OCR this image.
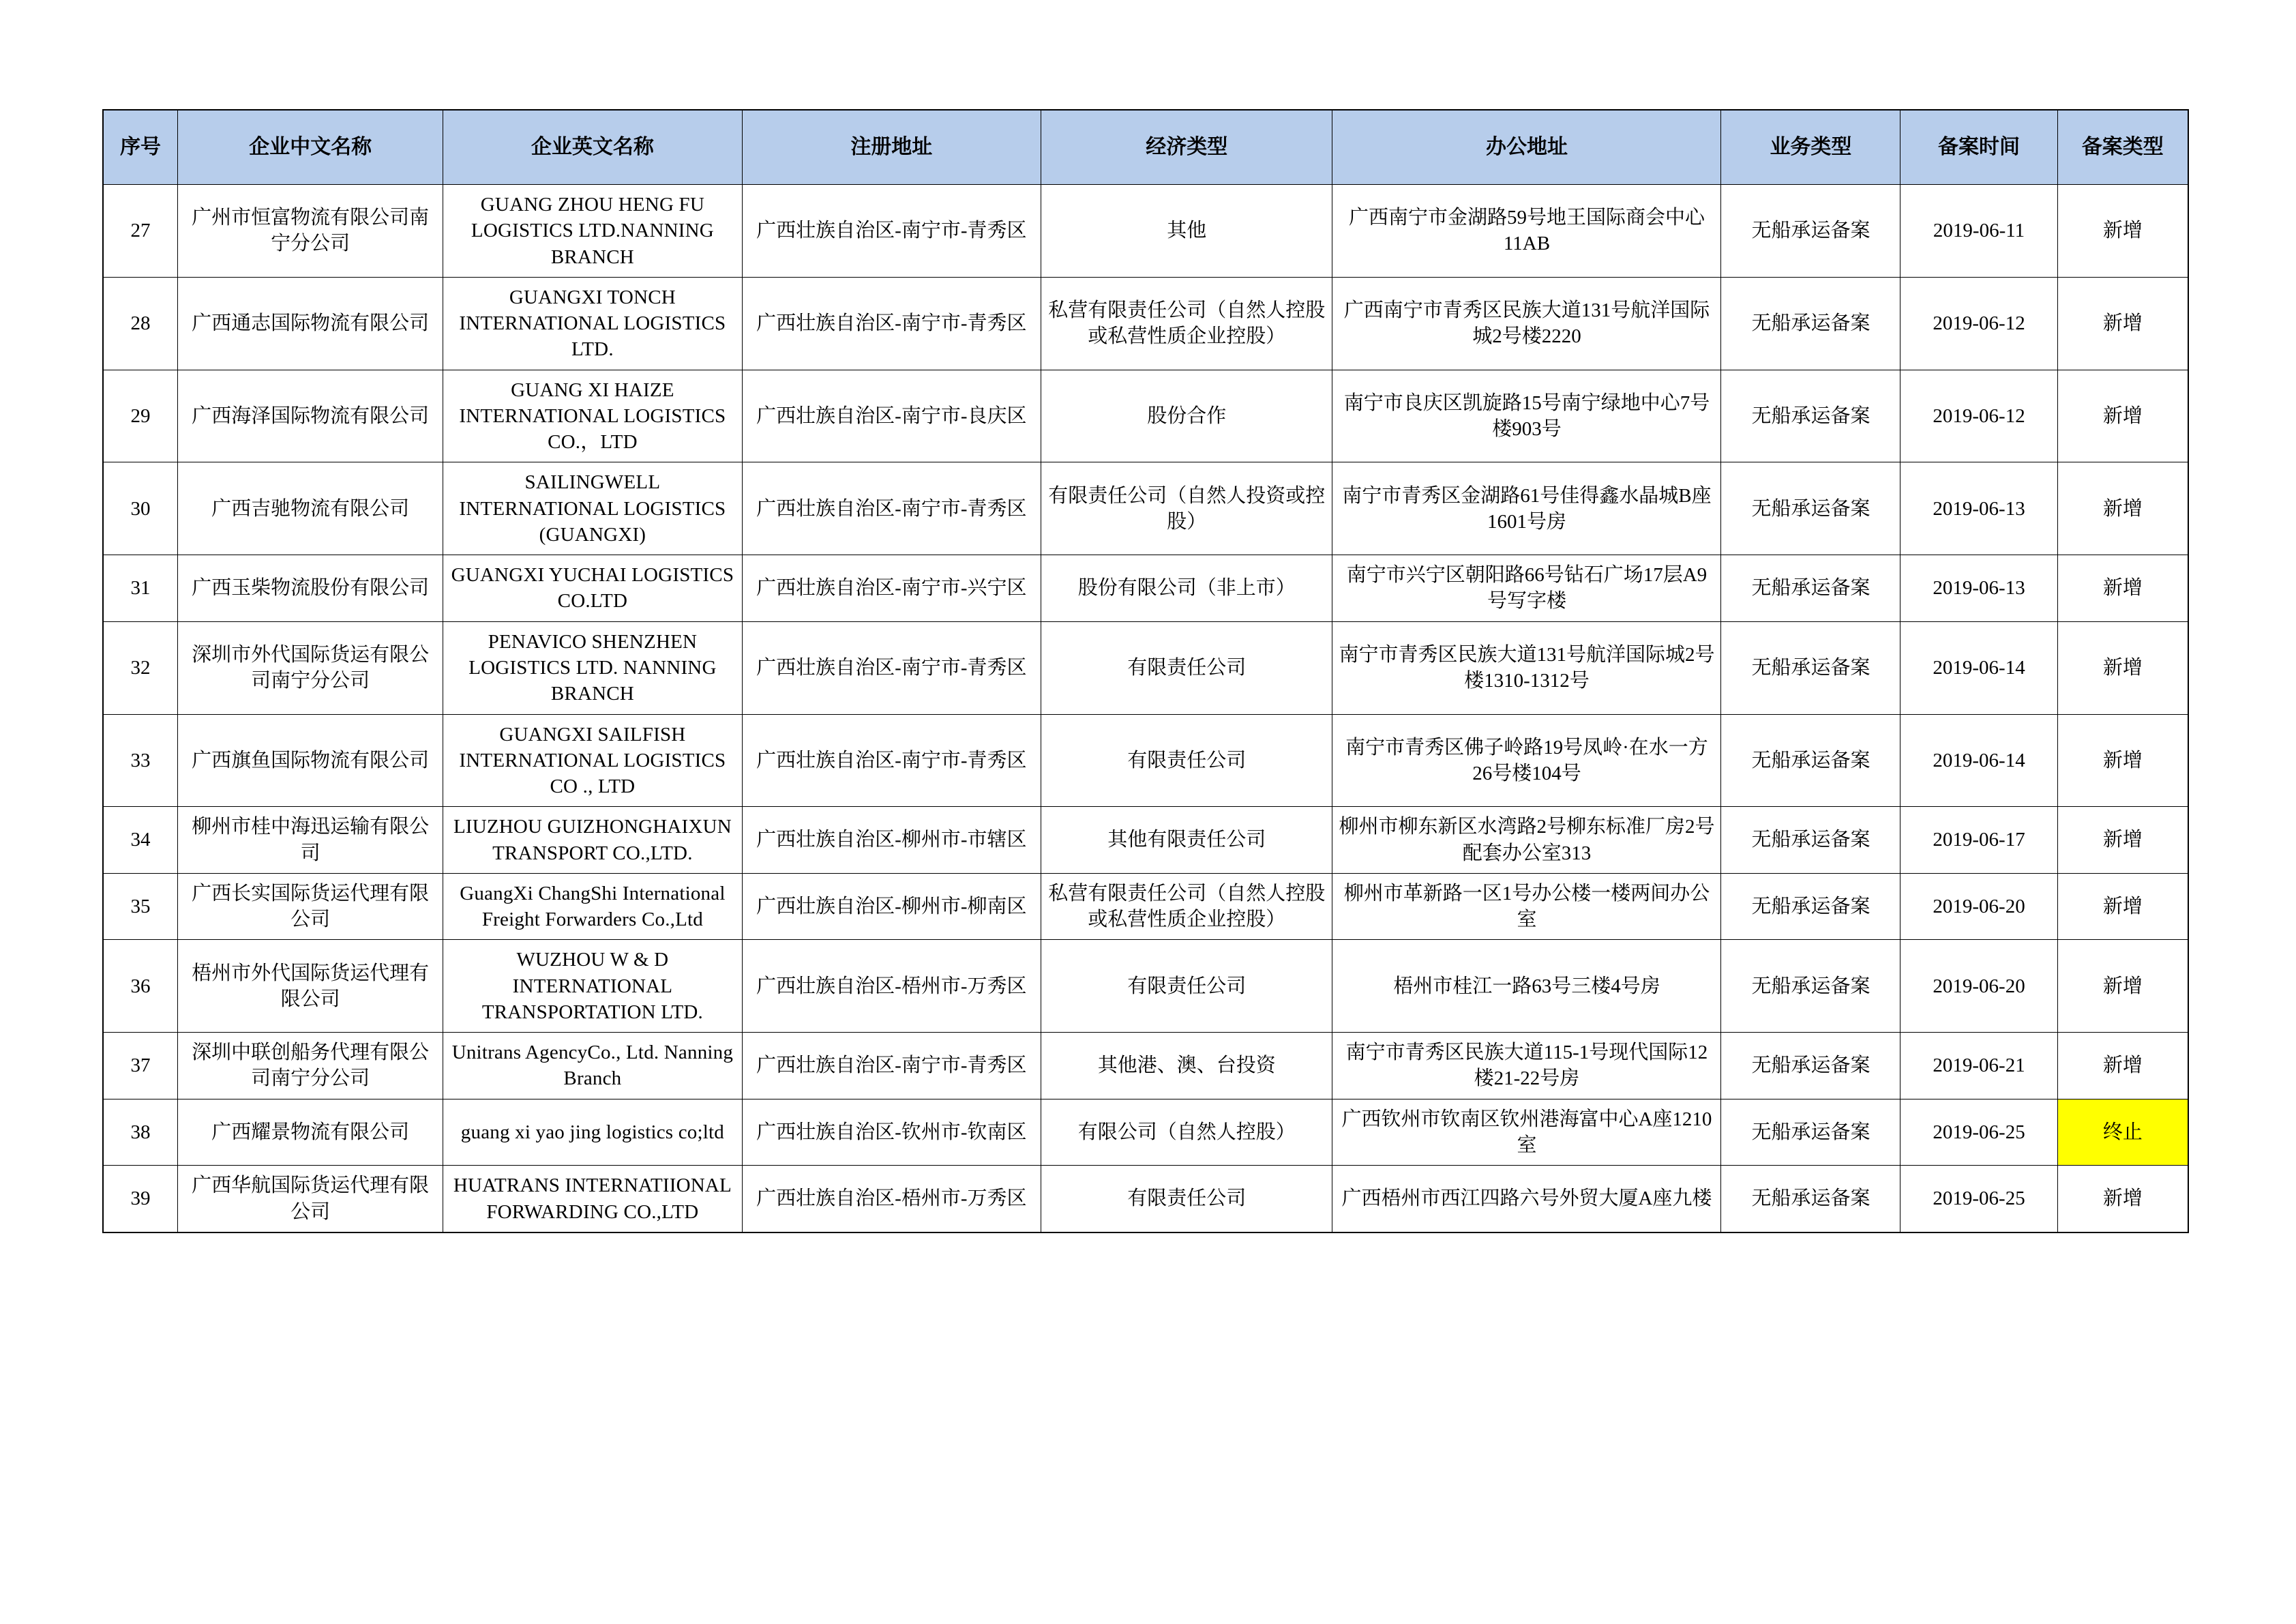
序号	企业中文名称	企业英文名称	注册地址	经济类型	办公地址	业务类型	备案时间	备案类型
27	广州市恒富物流有限公司南宁分公司	GUANG ZHOU HENG FU LOGISTICS LTD.NANNING BRANCH	广西壮族自治区-南宁市-青秀区	其他	广西南宁市金湖路59号地王国际商会中心11AB	无船承运备案	2019-06-11	新增
28	广西通志国际物流有限公司	GUANGXI TONCH INTERNATIONAL LOGISTICS LTD.	广西壮族自治区-南宁市-青秀区	私营有限责任公司（自然人控股或私营性质企业控股）	广西南宁市青秀区民族大道131号航洋国际城2号楼2220	无船承运备案	2019-06-12	新增
29	广西海泽国际物流有限公司	GUANG XI HAIZE INTERNATIONAL LOGISTICS CO.，LTD	广西壮族自治区-南宁市-良庆区	股份合作	南宁市良庆区凯旋路15号南宁绿地中心7号楼903号	无船承运备案	2019-06-12	新增
30	广西吉驰物流有限公司	SAILINGWELL INTERNATIONAL LOGISTICS (GUANGXI)	广西壮族自治区-南宁市-青秀区	有限责任公司（自然人投资或控股）	南宁市青秀区金湖路61号佳得鑫水晶城B座1601号房	无船承运备案	2019-06-13	新增
31	广西玉柴物流股份有限公司	GUANGXI YUCHAI LOGISTICS CO.LTD	广西壮族自治区-南宁市-兴宁区	股份有限公司（非上市）	南宁市兴宁区朝阳路66号钻石广场17层A9号写字楼	无船承运备案	2019-06-13	新增
32	深圳市外代国际货运有限公司南宁分公司	PENAVICO SHENZHEN LOGISTICS LTD. NANNING BRANCH	广西壮族自治区-南宁市-青秀区	有限责任公司	南宁市青秀区民族大道131号航洋国际城2号楼1310-1312号	无船承运备案	2019-06-14	新增
33	广西旗鱼国际物流有限公司	GUANGXI SAILFISH INTERNATIONAL LOGISTICS CO ., LTD	广西壮族自治区-南宁市-青秀区	有限责任公司	南宁市青秀区佛子岭路19号凤岭·在水一方26号楼104号	无船承运备案	2019-06-14	新增
34	柳州市桂中海迅运输有限公司	LIUZHOU GUIZHONGHAIXUN TRANSPORT CO.,LTD.	广西壮族自治区-柳州市-市辖区	其他有限责任公司	柳州市柳东新区水湾路2号柳东标准厂房2号配套办公室313	无船承运备案	2019-06-17	新增
35	广西长实国际货运代理有限公司	GuangXi ChangShi International Freight Forwarders Co.,Ltd	广西壮族自治区-柳州市-柳南区	私营有限责任公司（自然人控股或私营性质企业控股）	柳州市革新路一区1号办公楼一楼两间办公室	无船承运备案	2019-06-20	新增
36	梧州市外代国际货运代理有限公司	WUZHOU W & D INTERNATIONAL TRANSPORTATION LTD.	广西壮族自治区-梧州市-万秀区	有限责任公司	梧州市桂江一路63号三楼4号房	无船承运备案	2019-06-20	新增
37	深圳中联创船务代理有限公司南宁分公司	Unitrans AgencyCo., Ltd. Nanning Branch	广西壮族自治区-南宁市-青秀区	其他港、澳、台投资	南宁市青秀区民族大道115-1号现代国际12楼21-22号房	无船承运备案	2019-06-21	新增
38	广西耀景物流有限公司	guang xi yao jing logistics co;ltd	广西壮族自治区-钦州市-钦南区	有限公司（自然人控股）	广西钦州市钦南区钦州港海富中心A座1210室	无船承运备案	2019-06-25	终止
39	广西华航国际货运代理有限公司	HUATRANS INTERNATIIONAL FORWARDING CO.,LTD	广西壮族自治区-梧州市-万秀区	有限责任公司	广西梧州市西江四路六号外贸大厦A座九楼	无船承运备案	2019-06-25	新增
